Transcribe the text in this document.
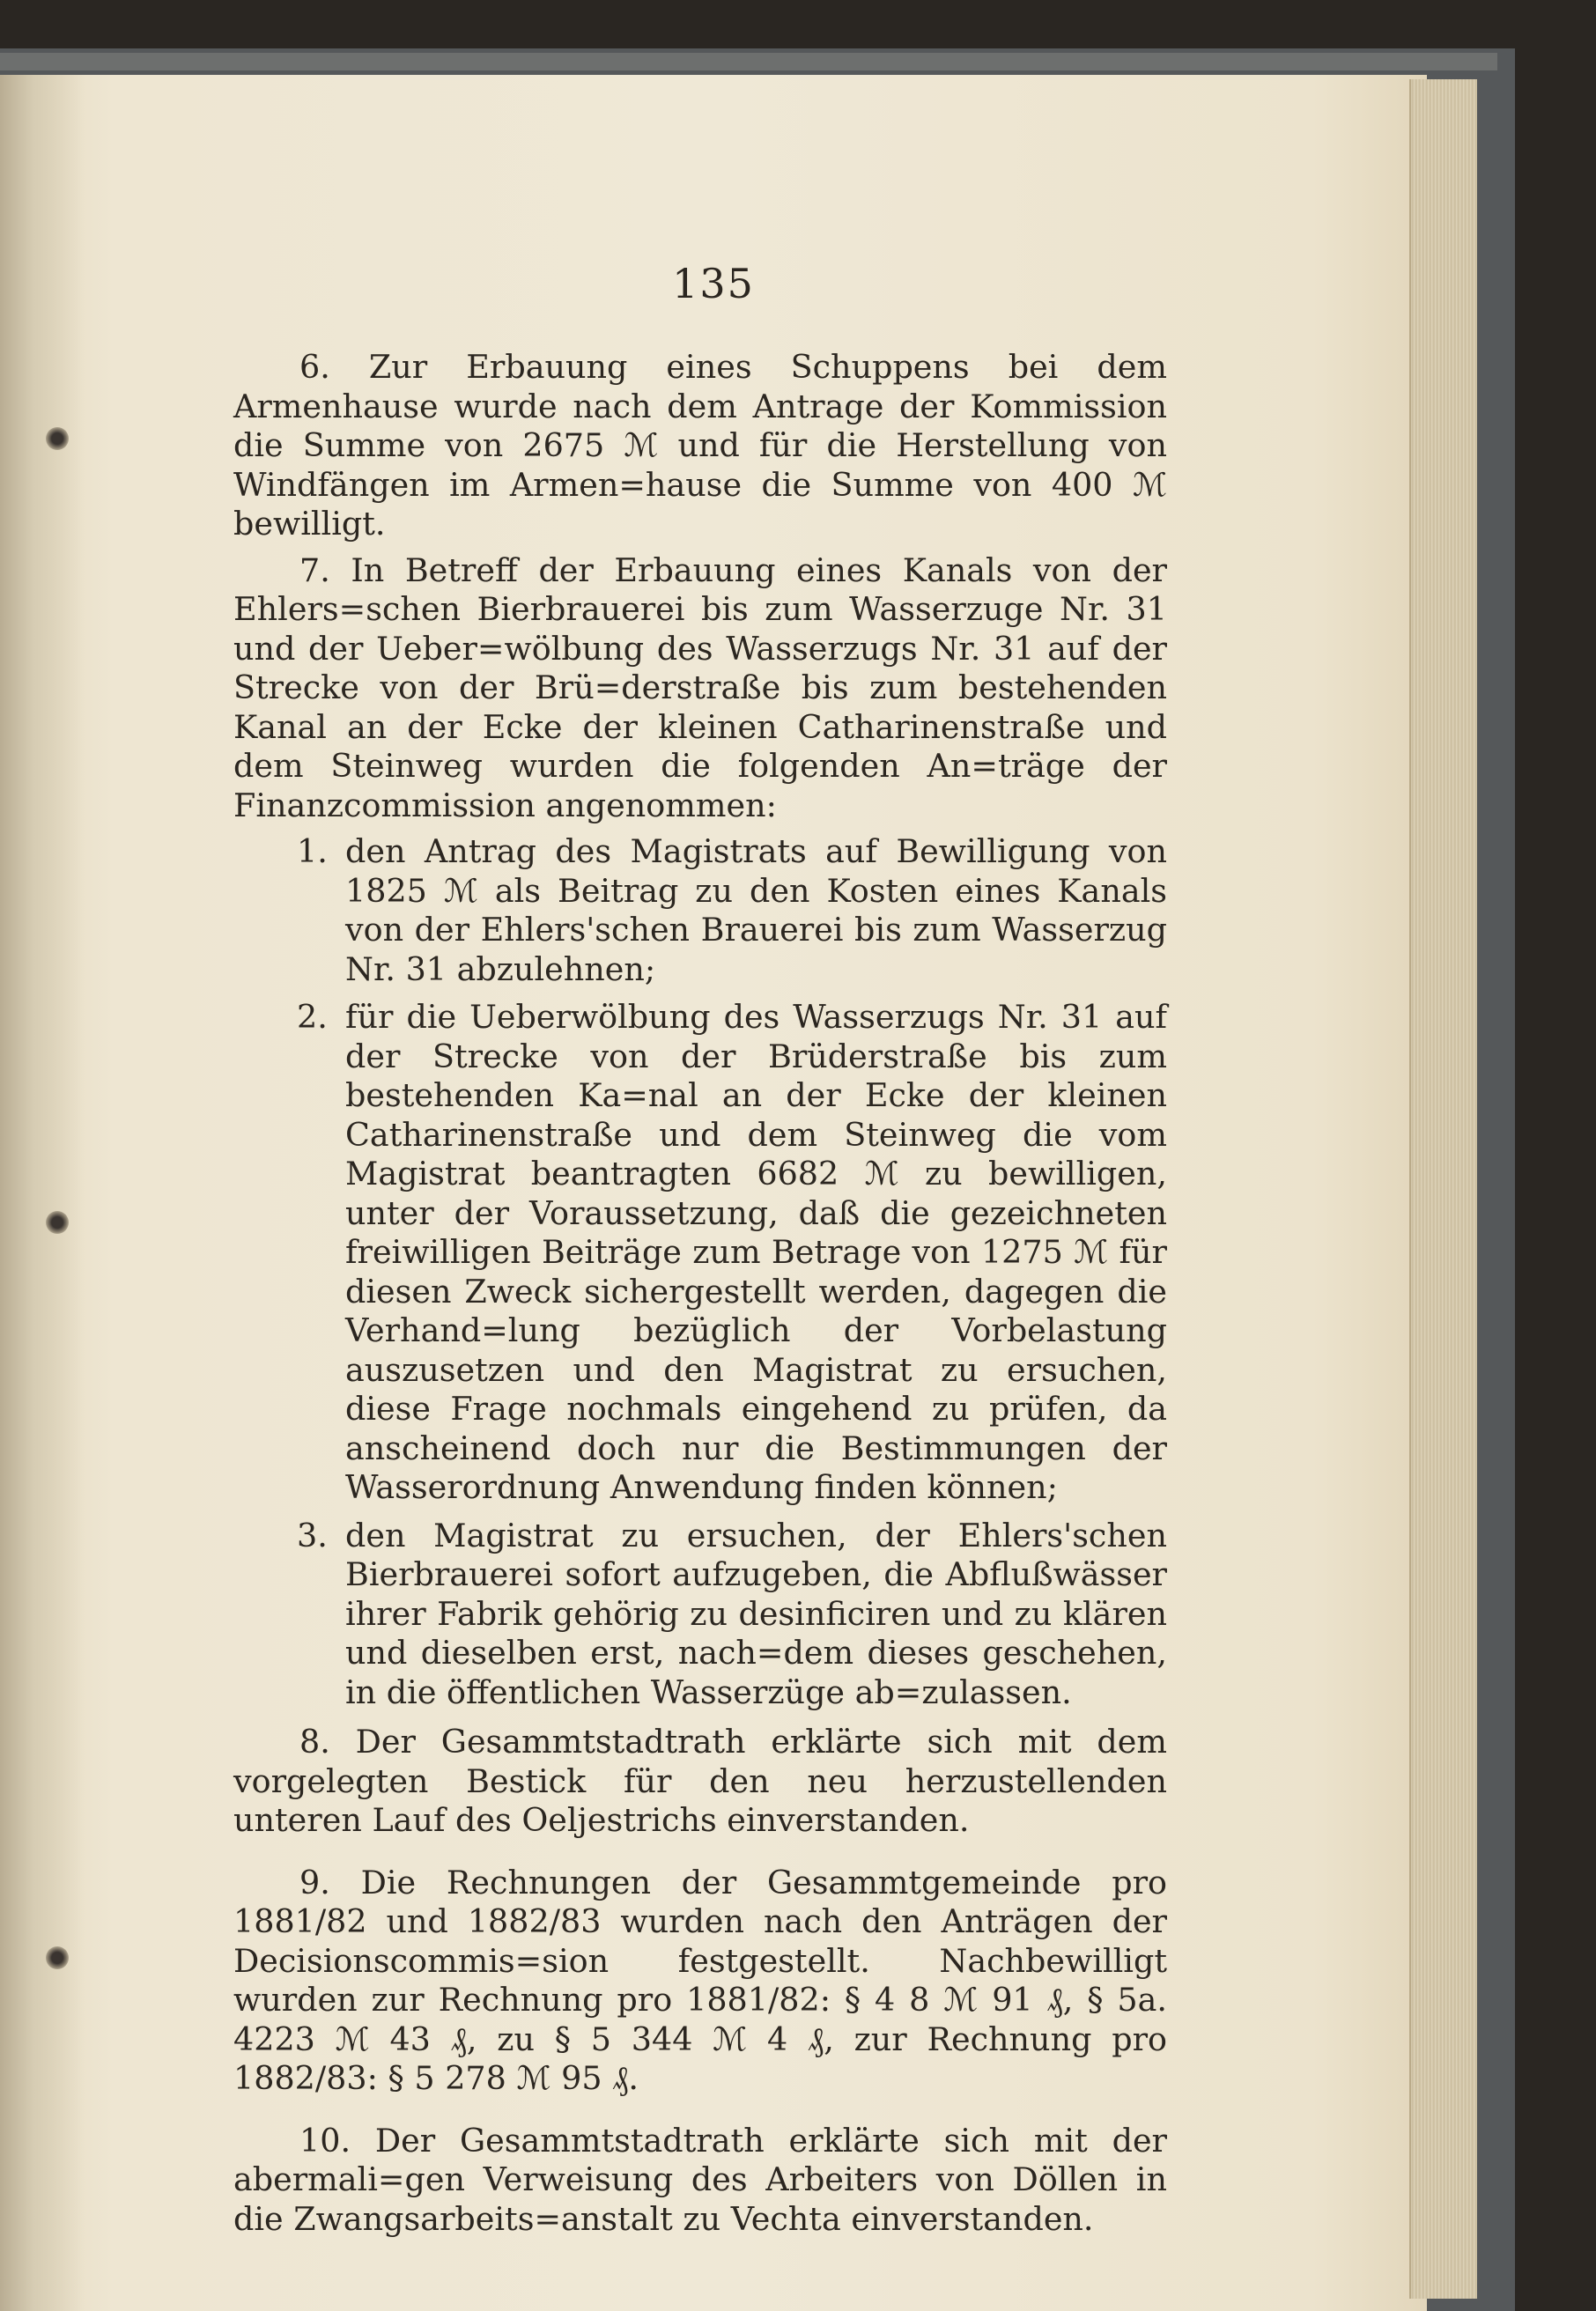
135

6. Zur Erbauung eines Schuppens bei dem Armenhause wurde nach dem Antrage der Kommission die Summe von 2675 ℳ und für die Herstellung von Windfängen im Armen=hause die Summe von 400 ℳ bewilligt.

7. In Betreff der Erbauung eines Kanals von der Ehlers=schen Bierbrauerei bis zum Wasserzuge Nr. 31 und der Ueber=wölbung des Wasserzugs Nr. 31 auf der Strecke von der Brü=derstraße bis zum bestehenden Kanal an der Ecke der kleinen Catharinenstraße und dem Steinweg wurden die folgenden An=träge der Finanzcommission angenommen:

1. den Antrag des Magistrats auf Bewilligung von 1825 ℳ als Beitrag zu den Kosten eines Kanals von der Ehlers'schen Brauerei bis zum Wasserzug Nr. 31 abzulehnen;
2. für die Ueberwölbung des Wasserzugs Nr. 31 auf der Strecke von der Brüderstraße bis zum bestehenden Ka=nal an der Ecke der kleinen Catharinenstraße und dem Steinweg die vom Magistrat beantragten 6682 ℳ zu bewilligen, unter der Voraussetzung, daß die gezeichneten freiwilligen Beiträge zum Betrage von 1275 ℳ für diesen Zweck sichergestellt werden, dagegen die Verhand=lung bezüglich der Vorbelastung auszusetzen und den Magistrat zu ersuchen, diese Frage nochmals eingehend zu prüfen, da anscheinend doch nur die Bestimmungen der Wasserordnung Anwendung finden können;
3. den Magistrat zu ersuchen, der Ehlers'schen Bierbrauerei sofort aufzugeben, die Abflußwässer ihrer Fabrik gehörig zu desinficiren und zu klären und dieselben erst, nach=dem dieses geschehen, in die öffentlichen Wasserzüge ab=zulassen.

8. Der Gesammtstadtrath erklärte sich mit dem vorgelegten Bestick für den neu herzustellenden unteren Lauf des Oeljestrichs einverstanden.

9. Die Rechnungen der Gesammtgemeinde pro 1881/82 und 1882/83 wurden nach den Anträgen der Decisionscommis=sion festgestellt. Nachbewilligt wurden zur Rechnung pro 1881/82: § 4 8 ℳ 91 ₰, § 5a. 4223 ℳ 43 ₰, zu § 5 344 ℳ 4 ₰, zur Rechnung pro 1882/83: § 5 278 ℳ 95 ₰.

10. Der Gesammtstadtrath erklärte sich mit der abermali=gen Verweisung des Arbeiters von Döllen in die Zwangsarbeits=anstalt zu Vechta einverstanden.
